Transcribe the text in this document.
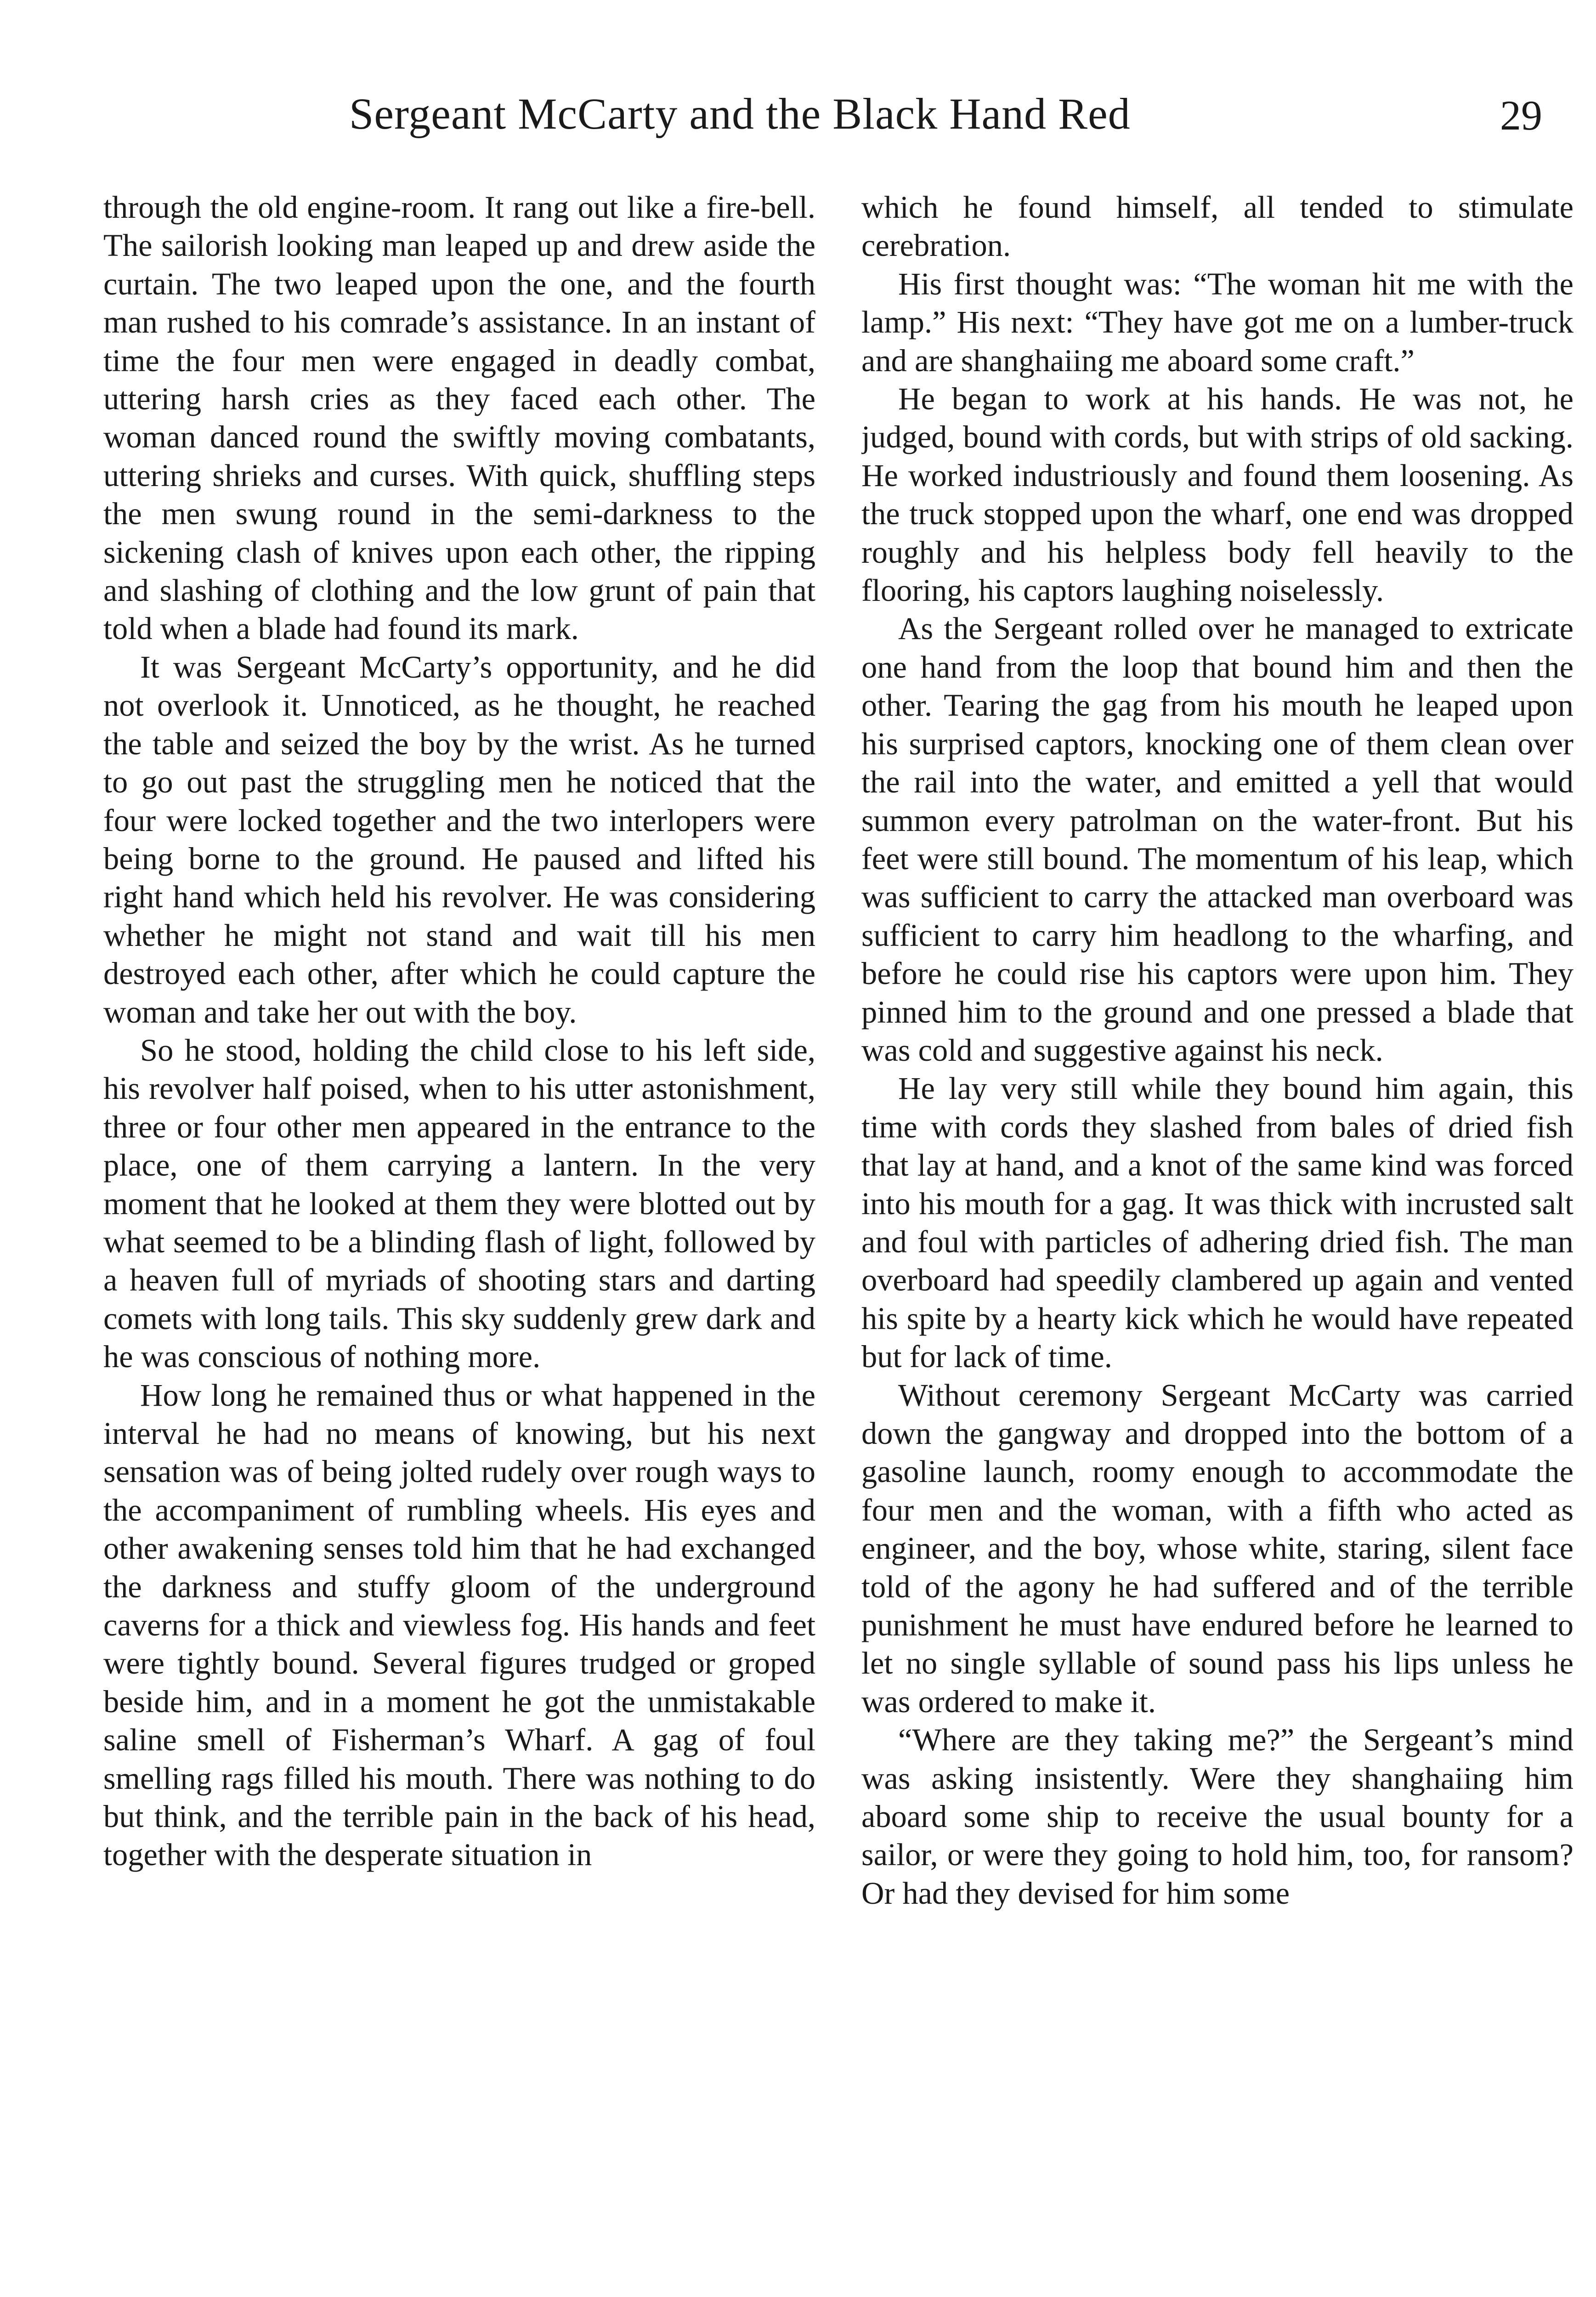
Sergeant McCarty and the Black Hand Red	29

through the old engine-room. It rang out like a fire-bell. The sailorish looking man leaped up and drew aside the curtain. The two leaped upon the one, and the fourth man rushed to his comrade’s assistance. In an instant of time the four men were engaged in deadly combat, uttering harsh cries as they faced each other. The woman danced round the swiftly moving combatants, uttering shrieks and curses. With quick, shuffling steps the men swung round in the semi-darkness to the sickening clash of knives upon each other, the ripping and slashing of clothing and the low grunt of pain that told when a blade had found its mark.

It was Sergeant McCarty’s opportunity, and he did not overlook it. Unnoticed, as he thought, he reached the table and seized the boy by the wrist. As he turned to go out past the struggling men he noticed that the four were locked together and the two interlopers were being borne to the ground. He paused and lifted his right hand which held his revolver. He was considering whether he might not stand and wait till his men destroyed each other, after which he could capture the woman and take her out with the boy.

So he stood, holding the child close to his left side, his revolver half poised, when to his utter astonishment, three or four other men appeared in the entrance to the place, one of them carrying a lantern. In the very moment that he looked at them they were blotted out by what seemed to be a blinding flash of light, followed by a heaven full of myriads of shooting stars and darting comets with long tails. This sky suddenly grew dark and he was conscious of nothing more.

How long he remained thus or what happened in the interval he had no means of knowing, but his next sensation was of being jolted rudely over rough ways to the accompaniment of rumbling wheels. His eyes and other awakening senses told him that he had exchanged the darkness and stuffy gloom of the underground caverns for a thick and viewless fog. His hands and feet were tightly bound. Several figures trudged or groped beside him, and in a moment he got the unmistakable saline smell of Fisherman’s Wharf. A gag of foul smelling rags filled his mouth. There was nothing to do but think, and the terrible pain in the back of his head, together with the desperate situation in

which he found himself, all tended to stimulate cerebration.

His first thought was: “The woman hit me with the lamp.” His next: “They have got me on a lumber-truck and are shanghaiing me aboard some craft.”

He began to work at his hands. He was not, he judged, bound with cords, but with strips of old sacking. He worked industriously and found them loosening. As the truck stopped upon the wharf, one end was dropped roughly and his helpless body fell heavily to the flooring, his captors laughing noiselessly.

As the Sergeant rolled over he managed to extricate one hand from the loop that bound him and then the other. Tearing the gag from his mouth he leaped upon his surprised captors, knocking one of them clean over the rail into the water, and emitted a yell that would summon every patrolman on the water-front. But his feet were still bound. The momentum of his leap, which was sufficient to carry the attacked man overboard was sufficient to carry him headlong to the wharfing, and before he could rise his captors were upon him. They pinned him to the ground and one pressed a blade that was cold and suggestive against his neck.

He lay very still while they bound him again, this time with cords they slashed from bales of dried fish that lay at hand, and a knot of the same kind was forced into his mouth for a gag. It was thick with incrusted salt and foul with particles of adhering dried fish. The man overboard had speedily clambered up again and vented his spite by a hearty kick which he would have repeated but for lack of time.

Without ceremony Sergeant McCarty was carried down the gangway and dropped into the bottom of a gasoline launch, roomy enough to accommodate the four men and the woman, with a fifth who acted as engineer, and the boy, whose white, staring, silent face told of the agony he had suffered and of the terrible punishment he must have endured before he learned to let no single syllable of sound pass his lips unless he was ordered to make it.

“Where are they taking me?” the Sergeant’s mind was asking insistently. Were they shanghaiing him aboard some ship to receive the usual bounty for a sailor, or were they going to hold him, too, for ransom? Or had they devised for him some
